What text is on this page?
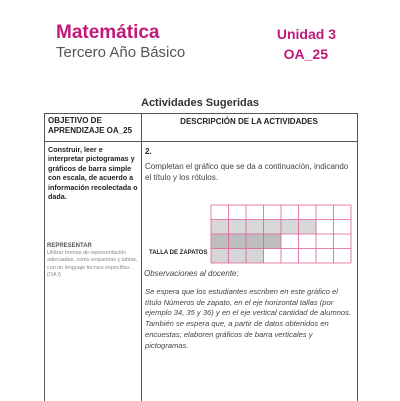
Matemática
Tercero Año Básico
Unidad 3
OA_25
Actividades Sugeridas
OBJETIVO DE APRENDIZAJE OA_25
DESCRIPCIÓN DE LA ACTIVIDADES
Construir, leer e interpretar pictogramas y gráficos de barra simple con escala, de acuerdo a información recolectada o dada.
REPRESENTAR
Utilizar formas de representación adecuadas, como esquemas y tablas, con un lenguaje técnico específico. (OA l)
2.
Completan el gráfico que se da a continuación, indicando el título y los rótulos.
TALLA DE ZAPATOS
Observaciones al docente:
Se espera que los estudiantes escriben en este gráfico el título Números de zapato, en el eje horizontal tallas (por ejemplo 34, 35 y 36) y en el eje vertical cantidad de alumnos. También se espera que, a partir de datos obtenidos en encuestas; elaboren gráficos de barra verticales y pictogramas.
